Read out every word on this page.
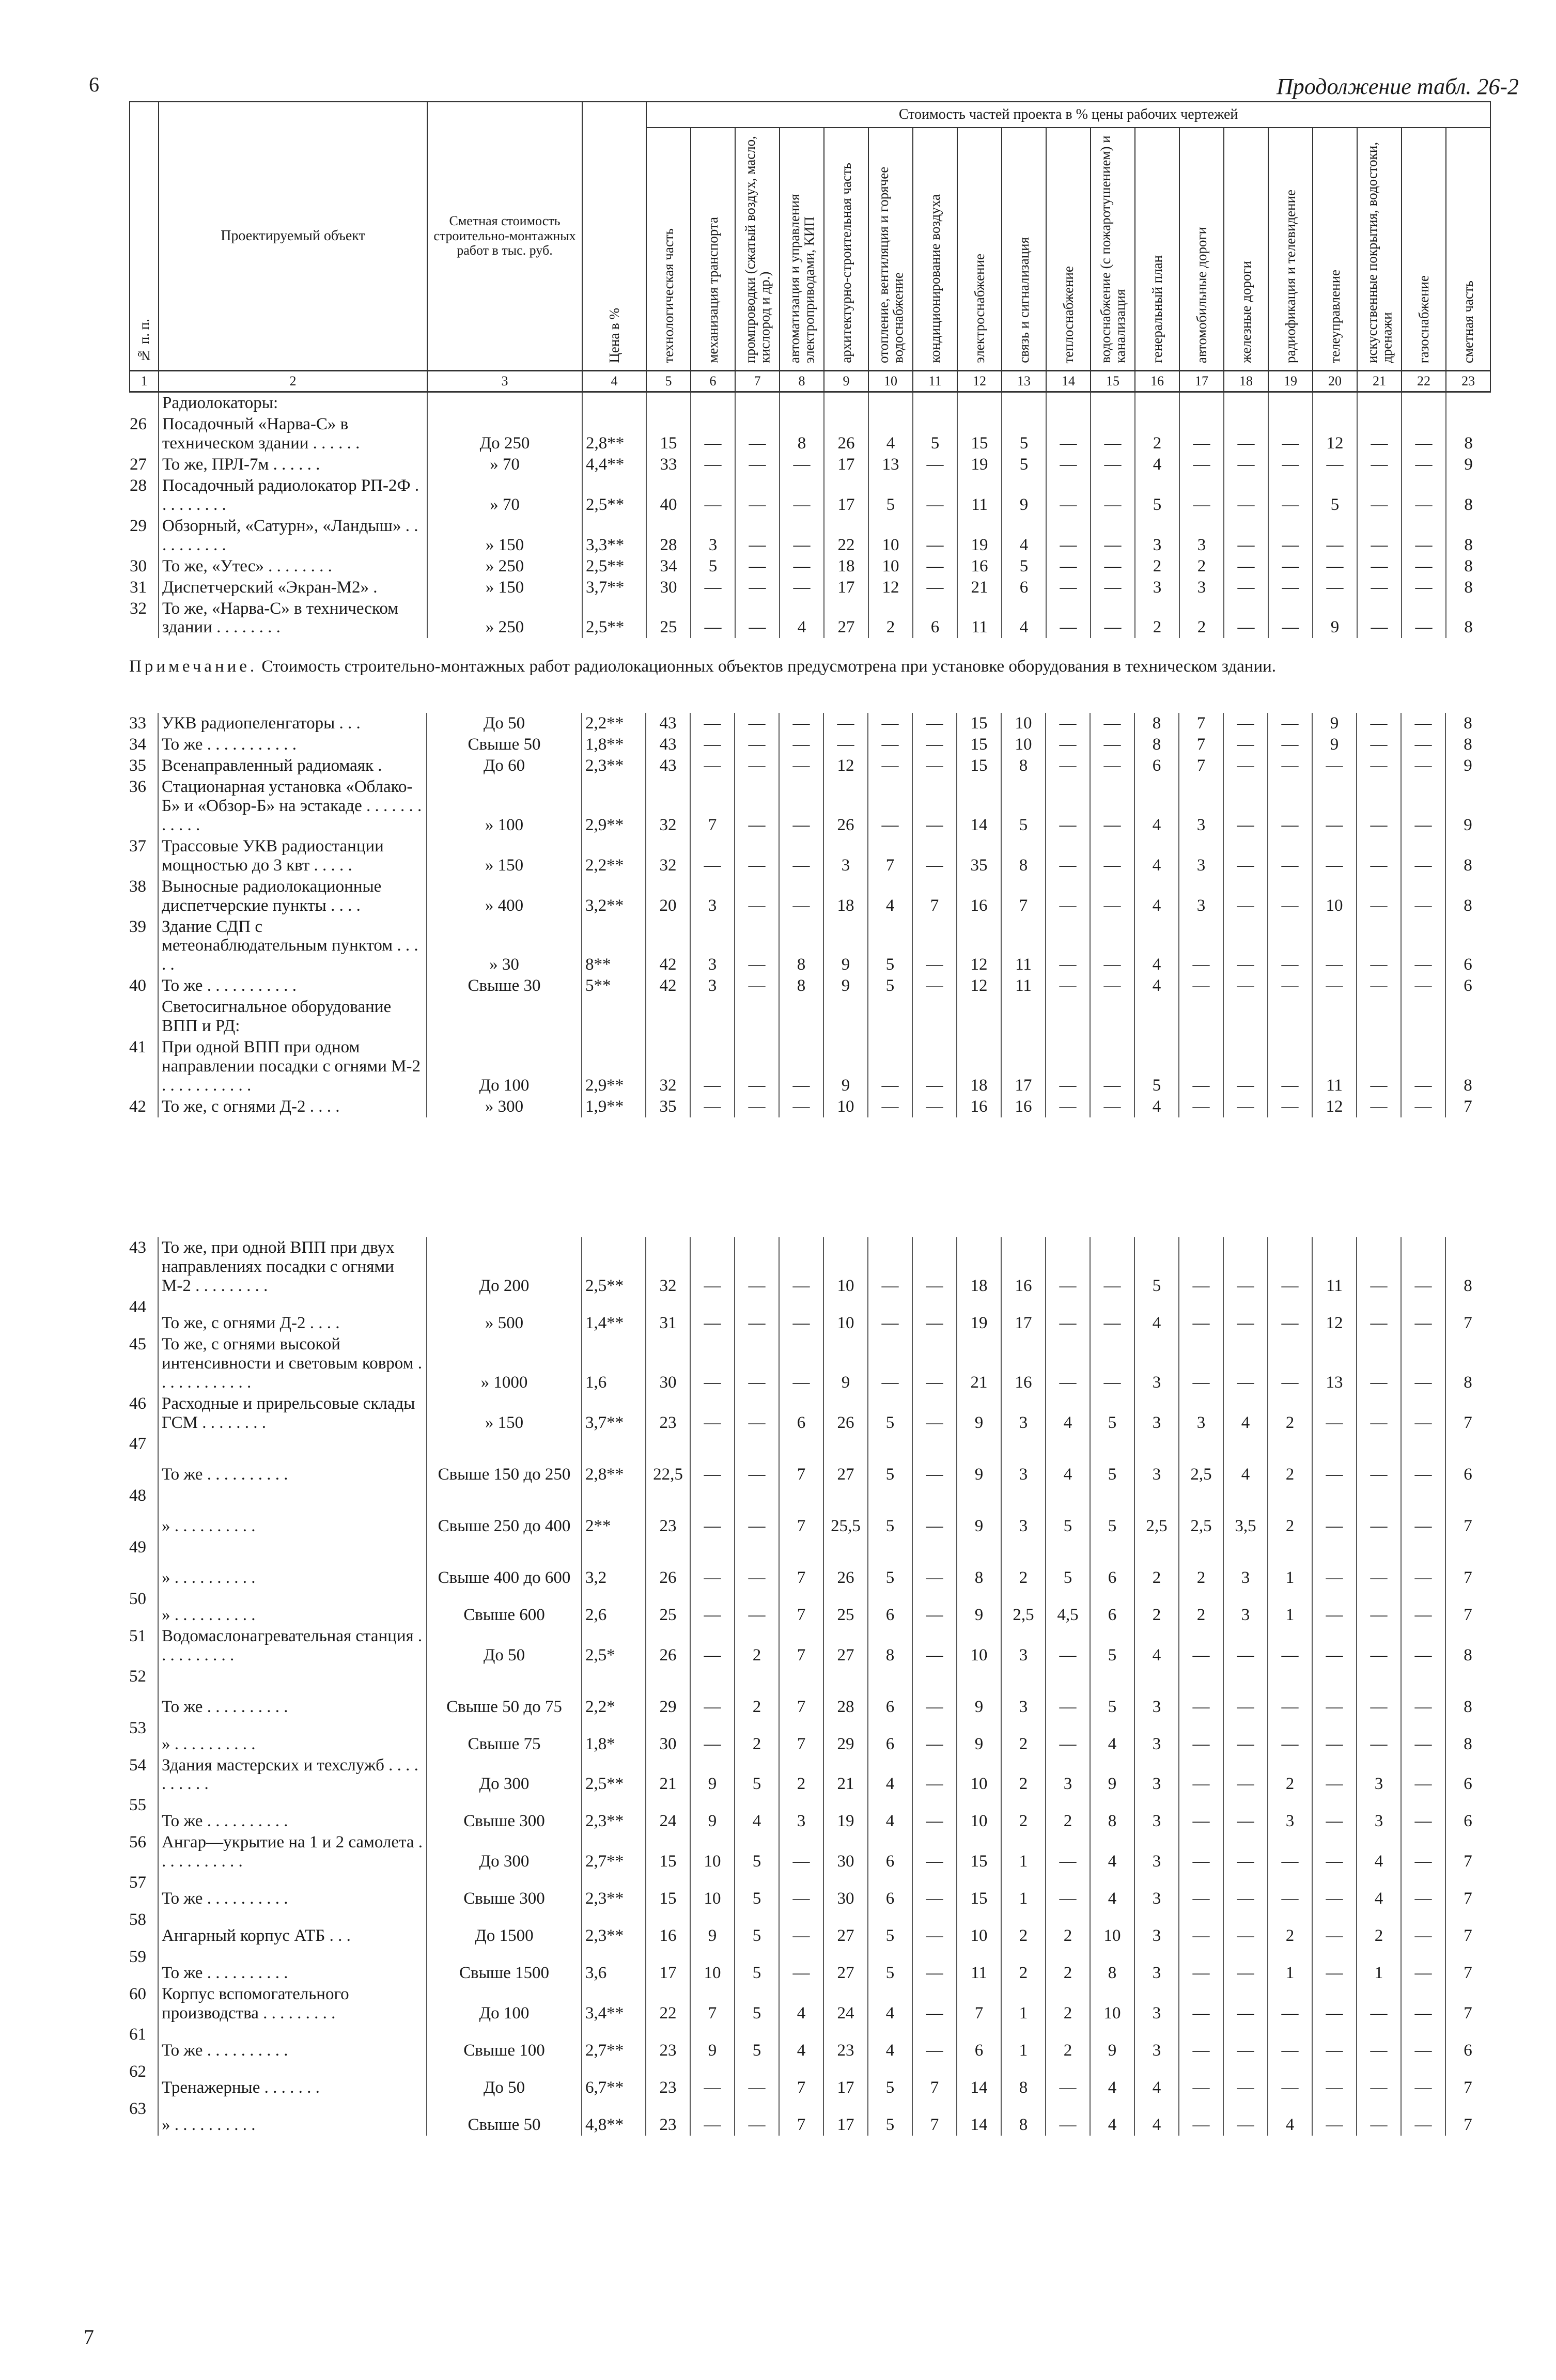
6	Продолжение табл. 26-2
№ п. п.	Проектируемый объект	Сметная стоимость строительно-монтажных работ в тыс. руб.	Цена в %	Стоимость частей проекта в % цены рабочих чертежей																		
				технологическая часть	механизация транспорта	промпроводки (сжатый воздух, масло, кислород и др.)	автоматизация и управления электроприводами, КИП	архитектурно-строительная часть	отопление, вентиляция и горячее водоснабжение	кондиционирование воздуха	электроснабжение	связь и сигнализация	теплоснабжение	водоснабжение (с пожаротушением) и канализация	генеральный план	автомобильные дороги	железные дороги	радиофикация и телевидение	телеуправление	искусственные покрытия, водостоки, дренажи	газоснабжение	сметная часть
1	2	3	4	5	6	7	8	9	10	11	12	13	14	15	16	17	18	19	20	21	22	23
	Радиолокаторы:																					
26	Посадочный «Нарва-С» в техническом здании . . . . . .	До 250	2,8**	15	—	—	8	26	4	5	15	5	—	—	2	—	—	—	12	—	—	8
27	То же, ПРЛ-7м . . . . . .	» 70	4,4**	33	—	—	—	17	13	—	19	5	—	—	4	—	—	—	—	—	—	9
28	Посадочный радиолокатор РП-2Ф . . . . . . . . .	» 70	2,5**	40	—	—	—	17	5	—	11	9	—	—	5	—	—	—	5	—	—	8
29	Обзорный, «Сатурн», «Ландыш» . . . . . . . . . .	» 150	3,3**	28	3	—	—	22	10	—	19	4	—	—	3	3	—	—	—	—	—	8
30	То же, «Утес» . . . . . . . .	» 250	2,5**	34	5	—	—	18	10	—	16	5	—	—	2	2	—	—	—	—	—	8
31	Диспетчерский «Экран-М2» .	» 150	3,7**	30	—	—	—	17	12	—	21	6	—	—	3	3	—	—	—	—	—	8
32	То же, «Нарва-С» в техническом здании . . . . . . . .	» 250	2,5**	25	—	—	4	27	2	6	11	4	—	—	2	2	—	—	9	—	—	8
Примечание. Стоимость строительно-монтажных работ радиолокационных объектов предусмотрена при установке оборудования в техническом здании.
33	УКВ радиопеленгаторы . . .	До 50	2,2**	43	—	—	—	—	—	—	15	10	—	—	8	7	—	—	9	—	—	8
34	То же . . . . . . . . . . .	Свыше 50	1,8**	43	—	—	—	—	—	—	15	10	—	—	8	7	—	—	9	—	—	8
35	Всенаправленный радиомаяк .	До 60	2,3**	43	—	—	—	12	—	—	15	8	—	—	6	7	—	—	—	—	—	9
36	Стационарная установка «Облако-Б» и «Обзор-Б» на эстакаде . . . . . . . . . . . .	» 100	2,9**	32	7	—	—	26	—	—	14	5	—	—	4	3	—	—	—	—	—	9
37	Трассовые УКВ радиостанции мощностью до 3 квт . . . . .	» 150	2,2**	32	—	—	—	3	7	—	35	8	—	—	4	3	—	—	—	—	—	8
38	Выносные радиолокационные диспетчерские пункты . . . .	» 400	3,2**	20	3	—	—	18	4	7	16	7	—	—	4	3	—	—	10	—	—	8
39	Здание СДП с метеонаблюдательным пунктом . . . . .	» 30	8**	42	3	—	8	9	5	—	12	11	—	—	4	—	—	—	—	—	—	6
40	То же . . . . . . . . . . .	Свыше 30	5**	42	3	—	8	9	5	—	12	11	—	—	4	—	—	—	—	—	—	6
	Светосигнальное оборудование ВПП и РД:																					
41	При одной ВПП при одном направлении посадки с огнями М-2 . . . . . . . . . . .	До 100	2,9**	32	—	—	—	9	—	—	18	17	—	—	5	—	—	—	11	—	—	8
42	То же, с огнями Д-2 . . . .	» 300	1,9**	35	—	—	—	10	—	—	16	16	—	—	4	—	—	—	12	—	—	7
43	То же, при одной ВПП при двух направлениях посадки с огнями М-2 . . . . . . . . .	До 200	2,5**	32	—	—	—	10	—	—	18	16	—	—	5	—	—	—	11	—	—	8
44	То же, с огнями Д-2 . . . .	» 500	1,4**	31	—	—	—	10	—	—	19	17	—	—	4	—	—	—	12	—	—	7
45	То же, с огнями высокой интенсивности и световым ковром . . . . . . . . . . . .	» 1000	1,6	30	—	—	—	9	—	—	21	16	—	—	3	—	—	—	13	—	—	8
46	Расходные и прирельсовые склады ГСМ . . . . . . . .	» 150	3,7**	23	—	—	6	26	5	—	9	3	4	5	3	3	4	2	—	—	—	7
47	То же . . . . . . . . . .	Свыше 150 до 250	2,8**	22,5	—	—	7	27	5	—	9	3	4	5	3	2,5	4	2	—	—	—	6
48	» . . . . . . . . . .	Свыше 250 до 400	2**	23	—	—	7	25,5	5	—	9	3	5	5	2,5	2,5	3,5	2	—	—	—	7
49	» . . . . . . . . . .	Свыше 400 до 600	3,2	26	—	—	7	26	5	—	8	2	5	6	2	2	3	1	—	—	—	7
50	» . . . . . . . . . .	Свыше 600	2,6	25	—	—	7	25	6	—	9	2,5	4,5	6	2	2	3	1	—	—	—	7
51	Водомаслонагревательная станция . . . . . . . . . .	До 50	2,5*	26	—	2	7	27	8	—	10	3	—	5	4	—	—	—	—	—	—	8
52	То же . . . . . . . . . .	Свыше 50 до 75	2,2*	29	—	2	7	28	6	—	9	3	—	5	3	—	—	—	—	—	—	8
53	» . . . . . . . . . .	Свыше 75	1,8*	30	—	2	7	29	6	—	9	2	—	4	3	—	—	—	—	—	—	8
54	Здания мастерских и техслужб . . . . . . . . . .	До 300	2,5**	21	9	5	2	21	4	—	10	2	3	9	3	—	—	2	—	3	—	6
55	То же . . . . . . . . . .	Свыше 300	2,3**	24	9	4	3	19	4	—	10	2	2	8	3	—	—	3	—	3	—	6
56	Ангар—укрытие на 1 и 2 самолета . . . . . . . . . . .	До 300	2,7**	15	10	5	—	30	6	—	15	1	—	4	3	—	—	—	—	4	—	7
57	То же . . . . . . . . . .	Свыше 300	2,3**	15	10	5	—	30	6	—	15	1	—	4	3	—	—	—	—	4	—	7
58	Ангарный корпус АТБ . . .	До 1500	2,3**	16	9	5	—	27	5	—	10	2	2	10	3	—	—	2	—	2	—	7
59	То же . . . . . . . . . .	Свыше 1500	3,6	17	10	5	—	27	5	—	11	2	2	8	3	—	—	1	—	1	—	7
60	Корпус вспомогательного производства . . . . . . . . .	До 100	3,4**	22	7	5	4	24	4	—	7	1	2	10	3	—	—	—	—	—	—	7
61	То же . . . . . . . . . .	Свыше 100	2,7**	23	9	5	4	23	4	—	6	1	2	9	3	—	—	—	—	—	—	6
62	Тренажерные . . . . . . .	До 50	6,7**	23	—	—	7	17	5	7	14	8	—	4	4	—	—	—	—	—	—	7
63	» . . . . . . . . . .	Свыше 50	4,8**	23	—	—	7	17	5	7	14	8	—	4	4	—	—	4	—	—	—	7
7
